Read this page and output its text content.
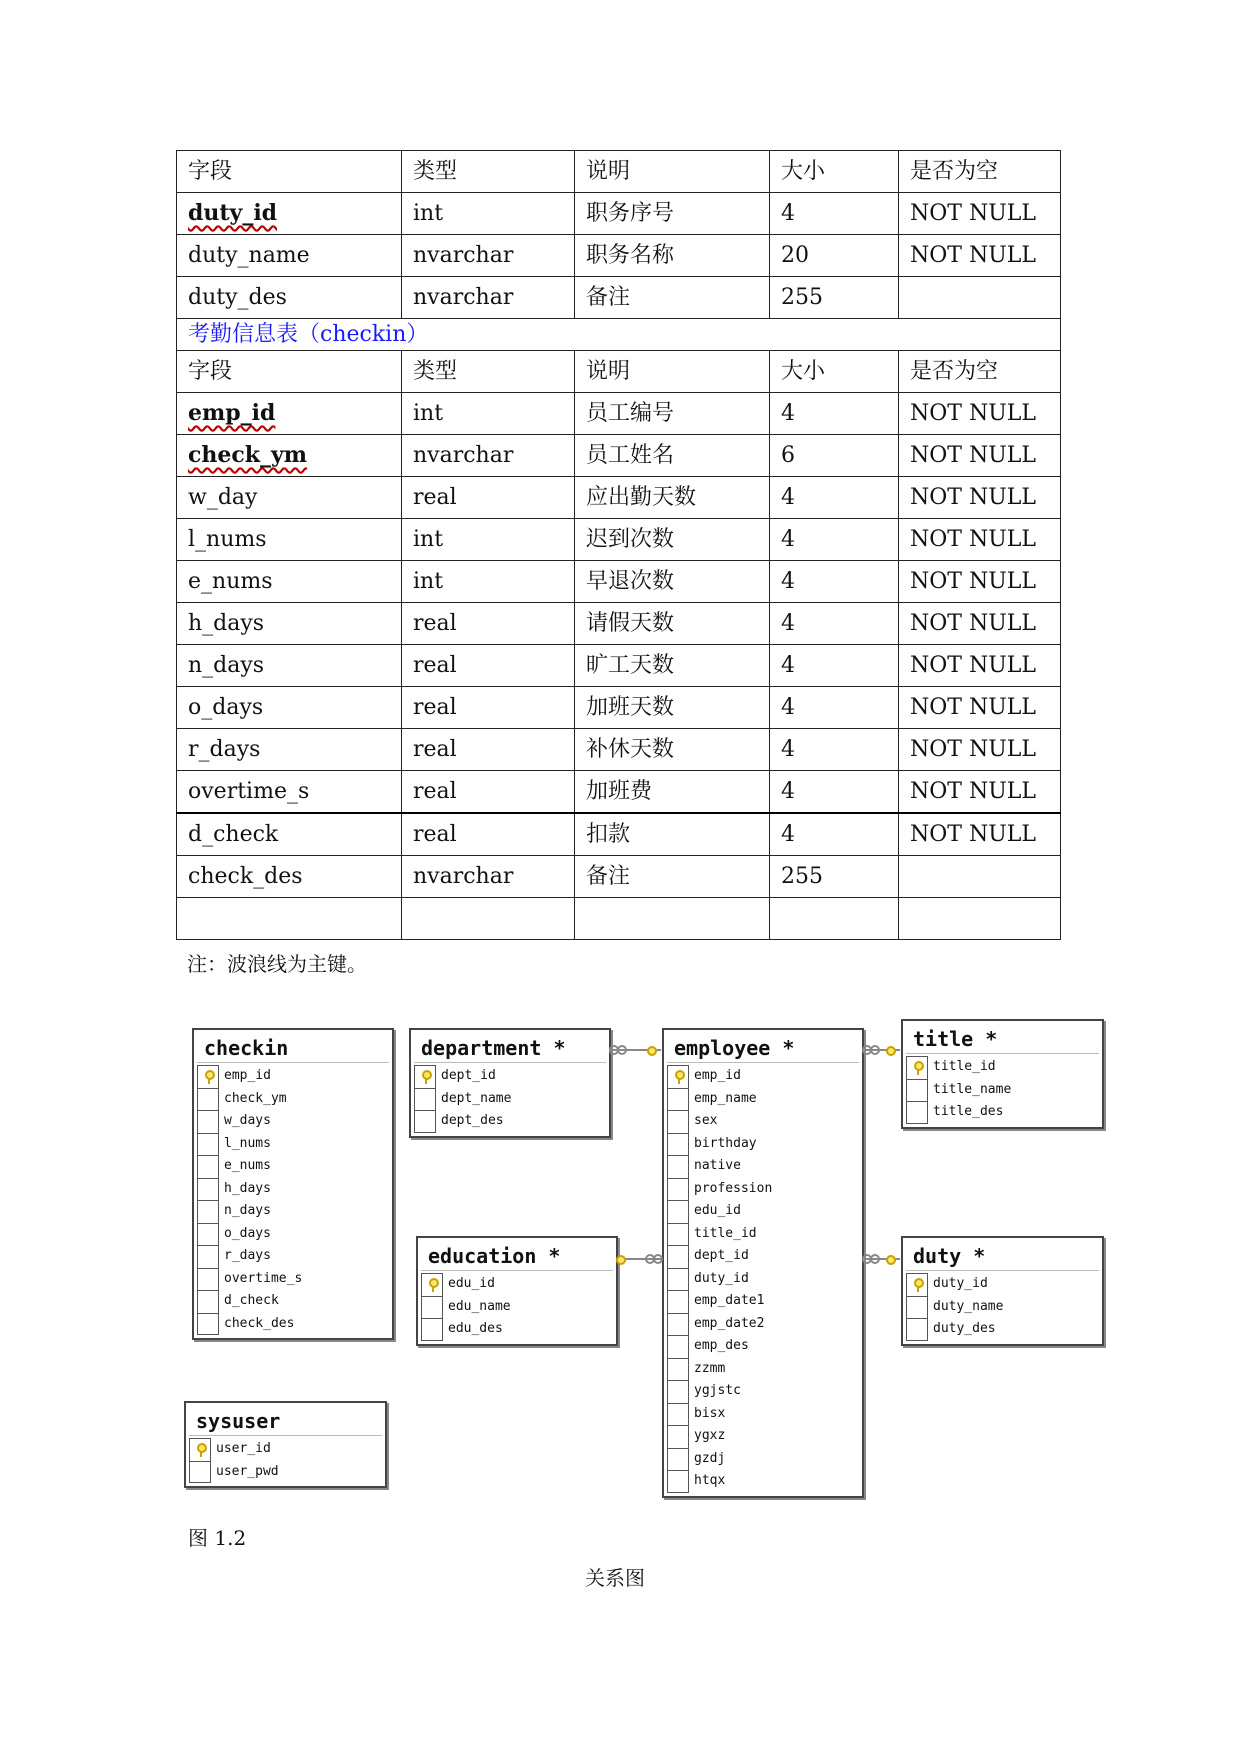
字段	类型	说明	大小	是否为空
duty_id	int	职务序号	4	NOT NULL
duty_name	nvarchar	职务名称	20	NOT NULL
duty_des	nvarchar	备注	255	
考勤信息表（checkin）				
字段	类型	说明	大小	是否为空
emp_id	int	员工编号	4	NOT NULL
check_ym	nvarchar	员工姓名	6	NOT NULL
w_day	real	应出勤天数	4	NOT NULL
l_nums	int	迟到次数	4	NOT NULL
e_nums	int	早退次数	4	NOT NULL
h_days	real	请假天数	4	NOT NULL
n_days	real	旷工天数	4	NOT NULL
o_days	real	加班天数	4	NOT NULL
r_days	real	补休天数	4	NOT NULL
overtime_s	real	加班费	4	NOT NULL
d_check	real	扣款	4	NOT NULL
check_des	nvarchar	备注	255	

注：波浪线为主键。
checkin
emp_id
check_ym
w_days
l_nums
e_nums
h_days
n_days
o_days
r_days
overtime_s
d_check
check_des
department *
dept_id
dept_name
dept_des
employee *
emp_id
emp_name
sex
birthday
native
profession
edu_id
title_id
dept_id
duty_id
emp_date1
emp_date2
emp_des
zzmm
ygjstc
bisx
ygxz
gzdj
htqx
title *
title_id
title_name
title_des
education *
edu_id
edu_name
edu_des
duty *
duty_id
duty_name
duty_des
sysuser
user_id
user_pwd
图 1.2
关系图
